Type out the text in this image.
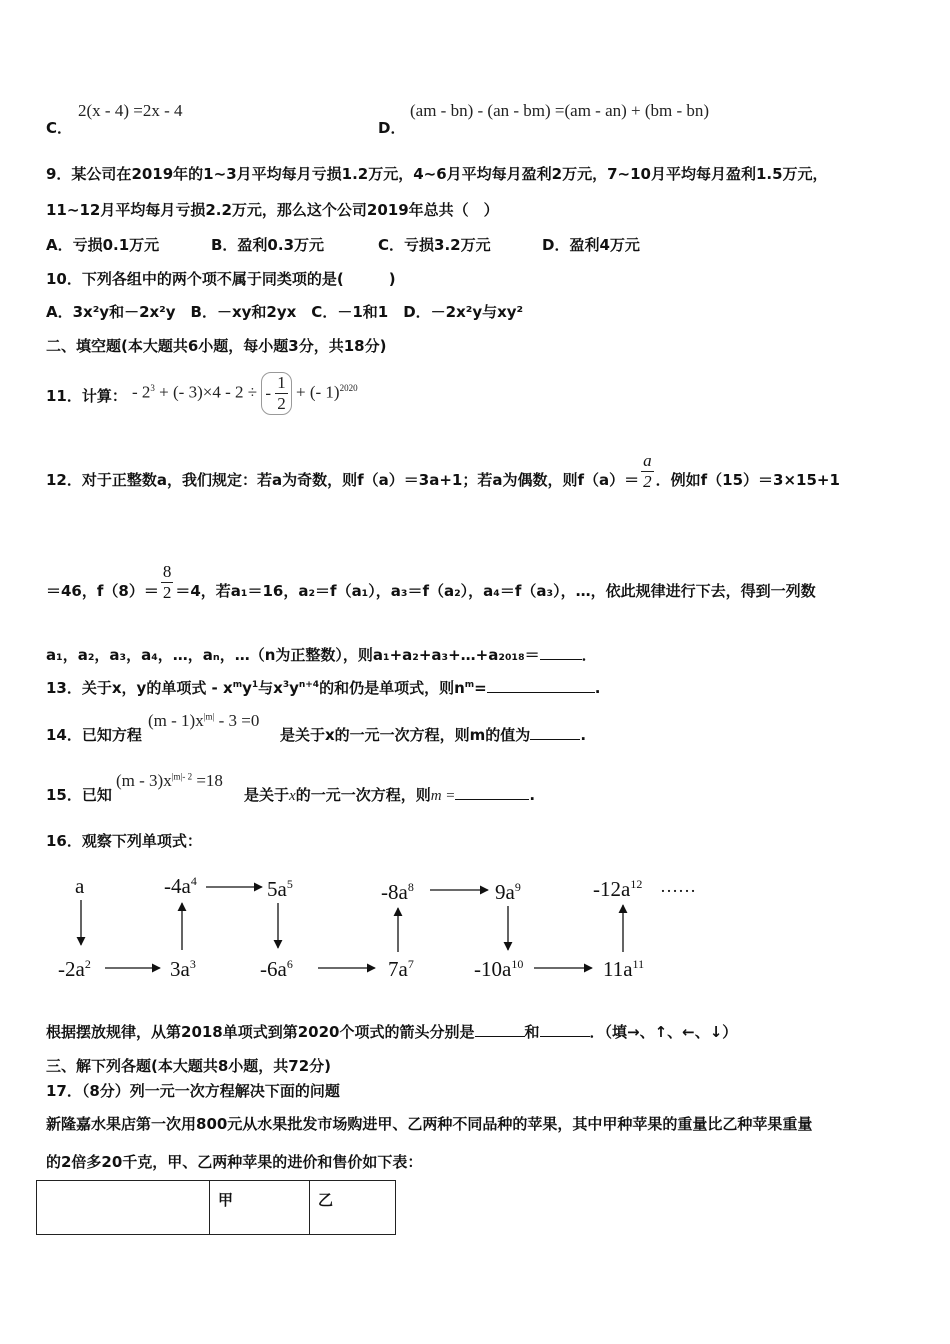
C．
2(x - 4) =2x - 4
D．
(am - bn) - (an - bm) =(am - an) + (bm - bn)
9．某公司在2019年的1∼3月平均每月亏损1.2万元，4∼6月平均每月盈利2万元，7∼10月平均每月盈利1.5万元，
11∼12月平均每月亏损2.2万元，那么这个公司2019年总共（　）
A．亏损0.1万元	B．盈利0.3万元	C．亏损3.2万元	D．盈利4万元
10．下列各组中的两个项不属于同类项的是(　　　)
A．3x²y和－2x²y　B．－xy和2yx　C．－1和1　D．－2x²y与xy²
二、填空题(本大题共6小题，每小题3分，共18分)
11．计算： - $2^3$ + (- 3)×4 - 2 ÷ - $\frac{1}{2}$ + (- 1)$^{2020}$
12．对于正整数a，我们规定：若a为奇数，则f（a）＝3a+1；若a为偶数，则$f(a)= \frac{a}{2}$ ．例如f（15）＝3×15+1
＝46，$f(8)= \frac{8}{2} =4$，若a₁＝16，a₂＝f（a₁），a₃＝f（a₂），a₄＝f（a₃），…，依此规律进行下去，得到一列数
a₁，a₂，a₃，a₄，…，aₙ，…（n为正整数），则a₁+a₂+a₃+…+a₂₀₁₈＝	．
13．关于x，y的单项式 - $x^my^1$与$x^3y^{n+4}$的和仍是单项式，则$n^m=$	.
14．已知方程
$(m - 1)x^{|m|} - 3 =0$
是关于x的一元一次方程，则m的值为	.
15．已知
$(m - 3)x^{|m|- 2} =18$
是关于x的一元一次方程，则m =	.
16．观察下列单项式：
a	$-4a^4$	$5a^5$	$-8a^8$	$9a^9$	$-12a^{12}$ ……
$-2a^2$	$3a^3$	$-6a^6$	$7a^7$	$-10a^{10}$	$11a^{11}$
根据摆放规律，从第2018单项式到第2020个项式的箭头分别是	和	．（填→、↑、←、↓）
三、解下列各题(本大题共8小题，共72分)
17．（8分）列一元一次方程解决下面的问题
新隆嘉水果店第一次用800元从水果批发市场购进甲、乙两种不同品种的苹果，其中甲种苹果的重量比乙种苹果重量
的2倍多20千克，甲、乙两种苹果的进价和售价如下表：
	甲	乙
